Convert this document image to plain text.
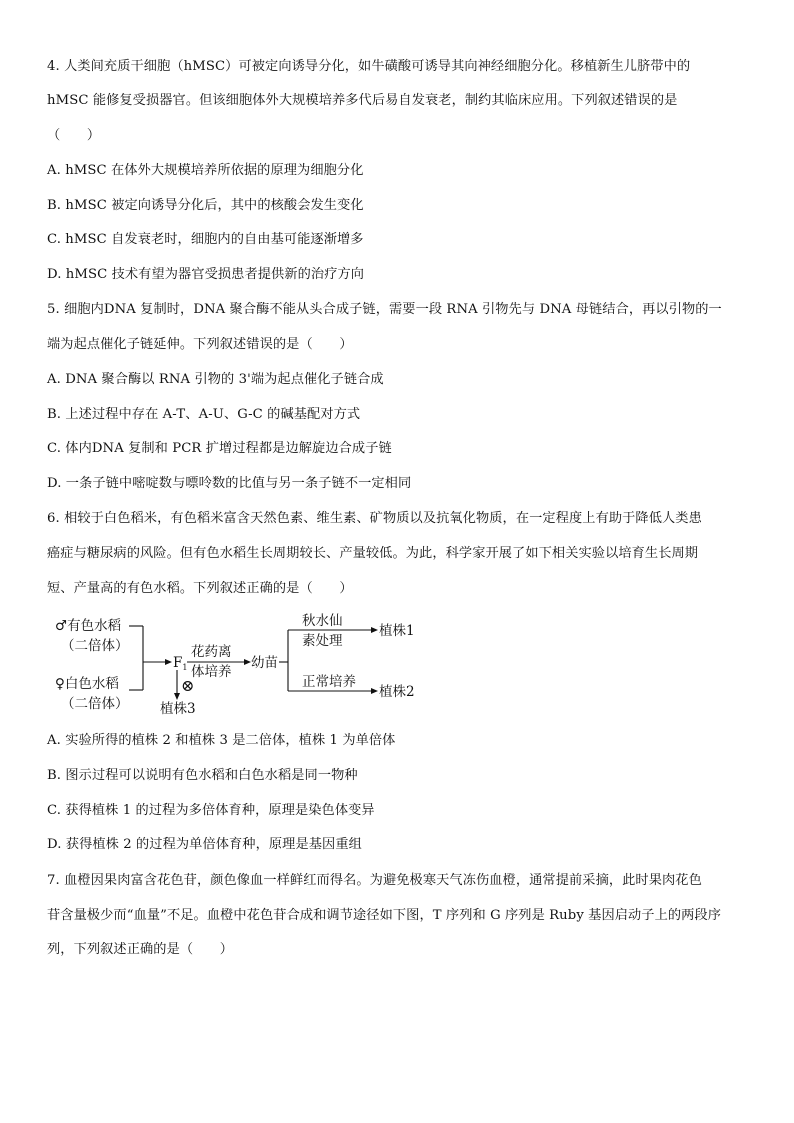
4. 人类间充质干细胞（hMSC）可被定向诱导分化，如牛磺酸可诱导其向神经细胞分化。移植新生儿脐带中的
hMSC 能修复受损器官。但该细胞体外大规模培养多代后易自发衰老，制约其临床应用。下列叙述错误的是
（　　）
A. hMSC 在体外大规模培养所依据的原理为细胞分化
B. hMSC 被定向诱导分化后，其中的核酸会发生变化
C. hMSC 自发衰老时，细胞内的自由基可能逐渐增多
D. hMSC 技术有望为器官受损患者提供新的治疗方向
5. 细胞内DNA 复制时，DNA 聚合酶不能从头合成子链，需要一段 RNA 引物先与 DNA 母链结合，再以引物的一
端为起点催化子链延伸。下列叙述错误的是（　　）
A. DNA 聚合酶以 RNA 引物的 3'端为起点催化子链合成
B. 上述过程中存在 A-T、A-U、G-C 的碱基配对方式
C. 体内DNA 复制和 PCR 扩增过程都是边解旋边合成子链
D. 一条子链中嘧啶数与嘌呤数的比值与另一条子链不一定相同
6. 相较于白色稻米，有色稻米富含天然色素、维生素、矿物质以及抗氧化物质，在一定程度上有助于降低人类患
癌症与糖尿病的风险。但有色水稻生长周期较长、产量较低。为此，科学家开展了如下相关实验以培育生长周期
短、产量高的有色水稻。下列叙述正确的是（　　）
♂有色水稻
（二倍体）
♀白色水稻
（二倍体）
$F_1$
⊗
植株3
花药离
体培养
幼苗
秋水仙
素处理
正常培养
植株1
植株2
A. 实验所得的植株 2 和植株 3 是二倍体，植株 1 为单倍体
B. 图示过程可以说明有色水稻和白色水稻是同一物种
C. 获得植株 1 的过程为多倍体育种，原理是染色体变异
D. 获得植株 2 的过程为单倍体育种，原理是基因重组
7. 血橙因果肉富含花色苷，颜色像血一样鲜红而得名。为避免极寒天气冻伤血橙，通常提前采摘，此时果肉花色
苷含量极少而“血量”不足。血橙中花色苷合成和调节途径如下图，T 序列和 G 序列是 Ruby 基因启动子上的两段序
列，下列叙述正确的是（　　）
